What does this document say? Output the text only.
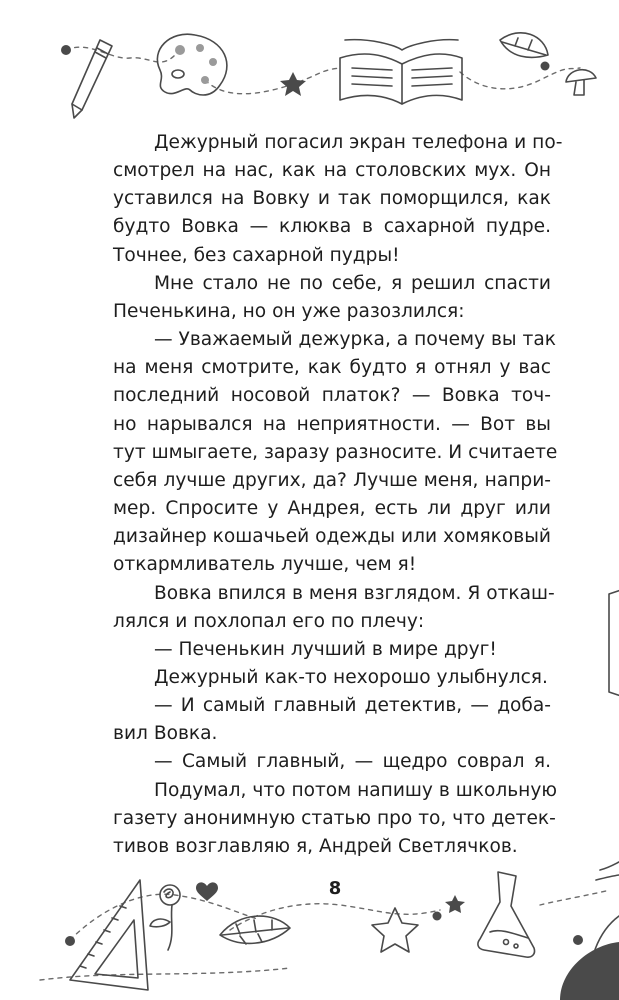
Дежурный погасил экран телефона и по-

смотрел на нас, как на столовских мух. Он

уставился на Вовку и так поморщился, как

будто Вовка — клюква в сахарной пудре.

Точнее, без сахарной пудры!

Мне стало не по себе, я решил спасти

Печенькина, но он уже разозлился:

— Уважаемый дежурка, а почему вы так

на меня смотрите, как будто я отнял у вас

последний носовой платок? — Вовка точ-

но нарывался на неприятности. — Вот вы

тут шмыгаете, заразу разносите. И считаете

себя лучше других, да? Лучше меня, напри-

мер. Спросите у Андрея, есть ли друг или

дизайнер кошачьей одежды или хомяковый

откармливатель лучше, чем я!

Вовка впился в меня взглядом. Я откаш-

лялся и похлопал его по плечу:

— Печенькин лучший в мире друг!

Дежурный как-то нехорошо улыбнулся.

— И самый главный детектив, — доба-

вил Вовка.

— Самый главный, — щедро соврал я.

Подумал, что потом напишу в школьную

газету анонимную статью про то, что детек-

тивов возглавляю я, Андрей Светлячков.

8
